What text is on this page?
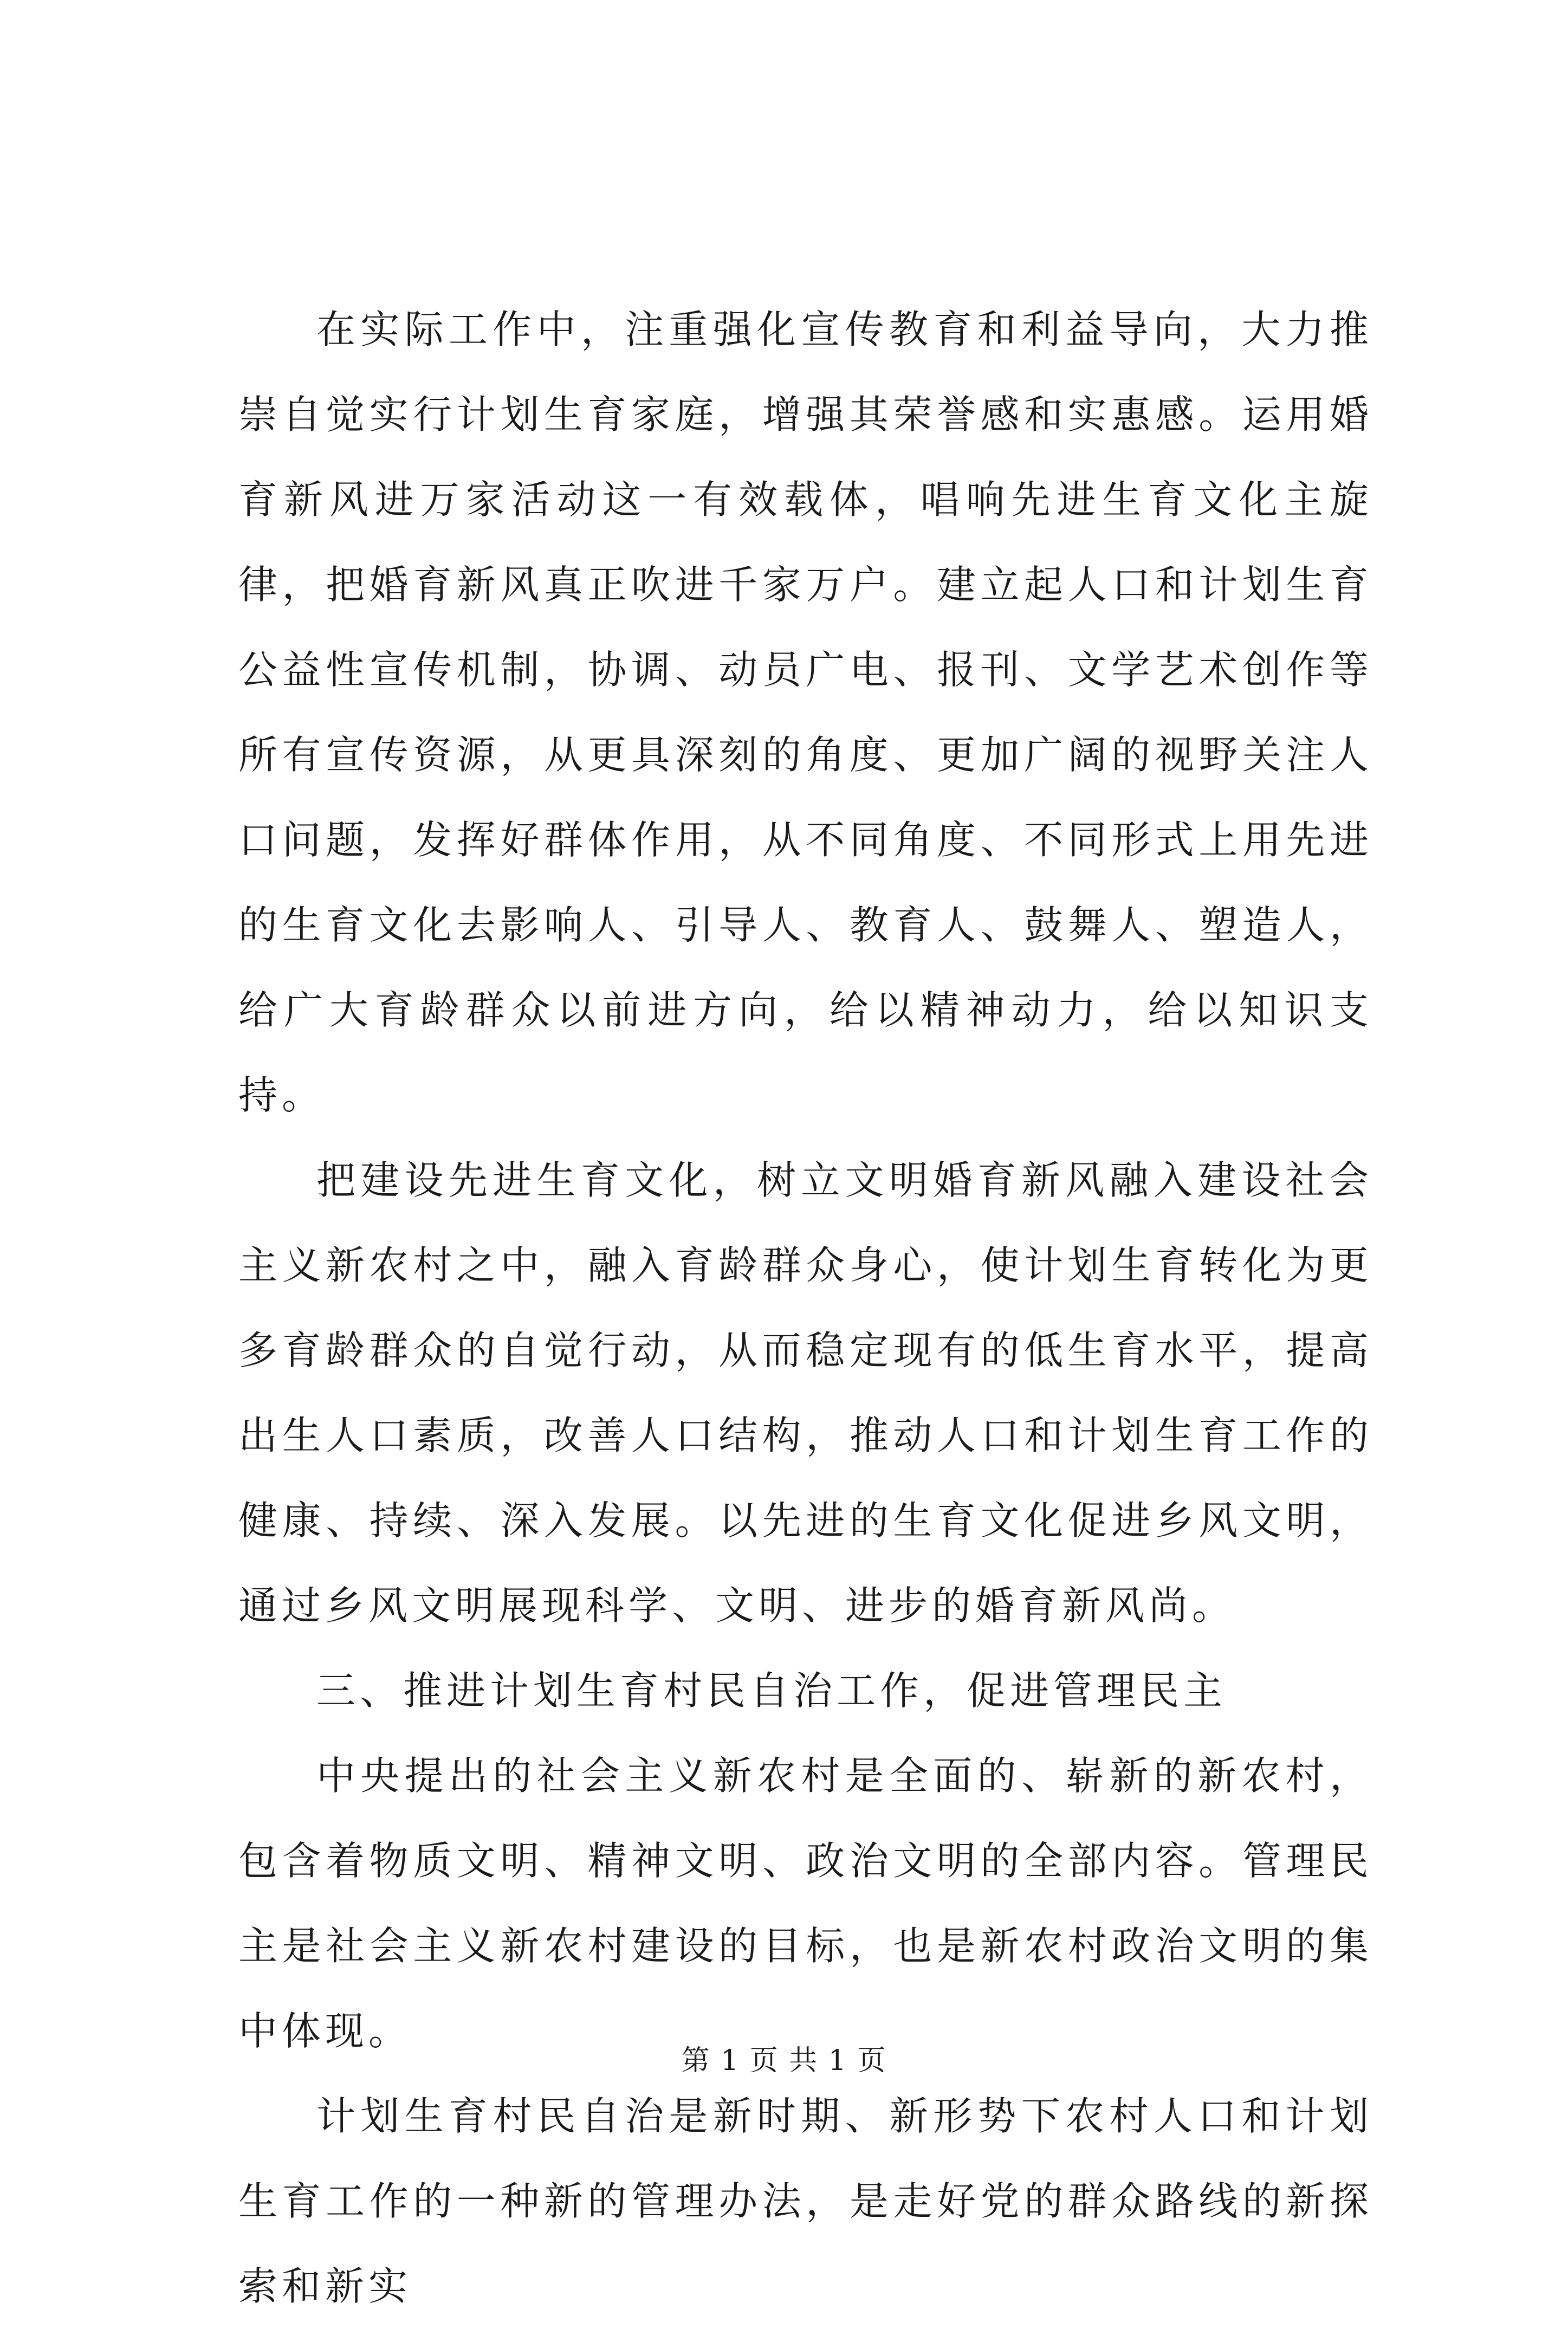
在实际工作中，注重强化宣传教育和利益导向，大力推崇自觉实行计划生育家庭，增强其荣誉感和实惠感。运用婚育新风进万家活动这一有效载体，唱响先进生育文化主旋律，把婚育新风真正吹进千家万户。建立起人口和计划生育公益性宣传机制，协调、动员广电、报刊、文学艺术创作等所有宣传资源，从更具深刻的角度、更加广阔的视野关注人口问题，发挥好群体作用，从不同角度、不同形式上用先进的生育文化去影响人、引导人、教育人、鼓舞人、塑造人，给广大育龄群众以前进方向，给以精神动力，给以知识支持。

把建设先进生育文化，树立文明婚育新风融入建设社会主义新农村之中，融入育龄群众身心，使计划生育转化为更多育龄群众的自觉行动，从而稳定现有的低生育水平，提高出生人口素质，改善人口结构，推动人口和计划生育工作的健康、持续、深入发展。以先进的生育文化促进乡风文明，通过乡风文明展现科学、文明、进步的婚育新风尚。

三、推进计划生育村民自治工作，促进管理民主

中央提出的社会主义新农村是全面的、崭新的新农村，包含着物质文明、精神文明、政治文明的全部内容。管理民主是社会主义新农村建设的目标，也是新农村政治文明的集中体现。

计划生育村民自治是新时期、新形势下农村人口和计划生育工作的一种新的管理办法，是走好党的群众路线的新探索和新实

第 1 页 共 1 页
